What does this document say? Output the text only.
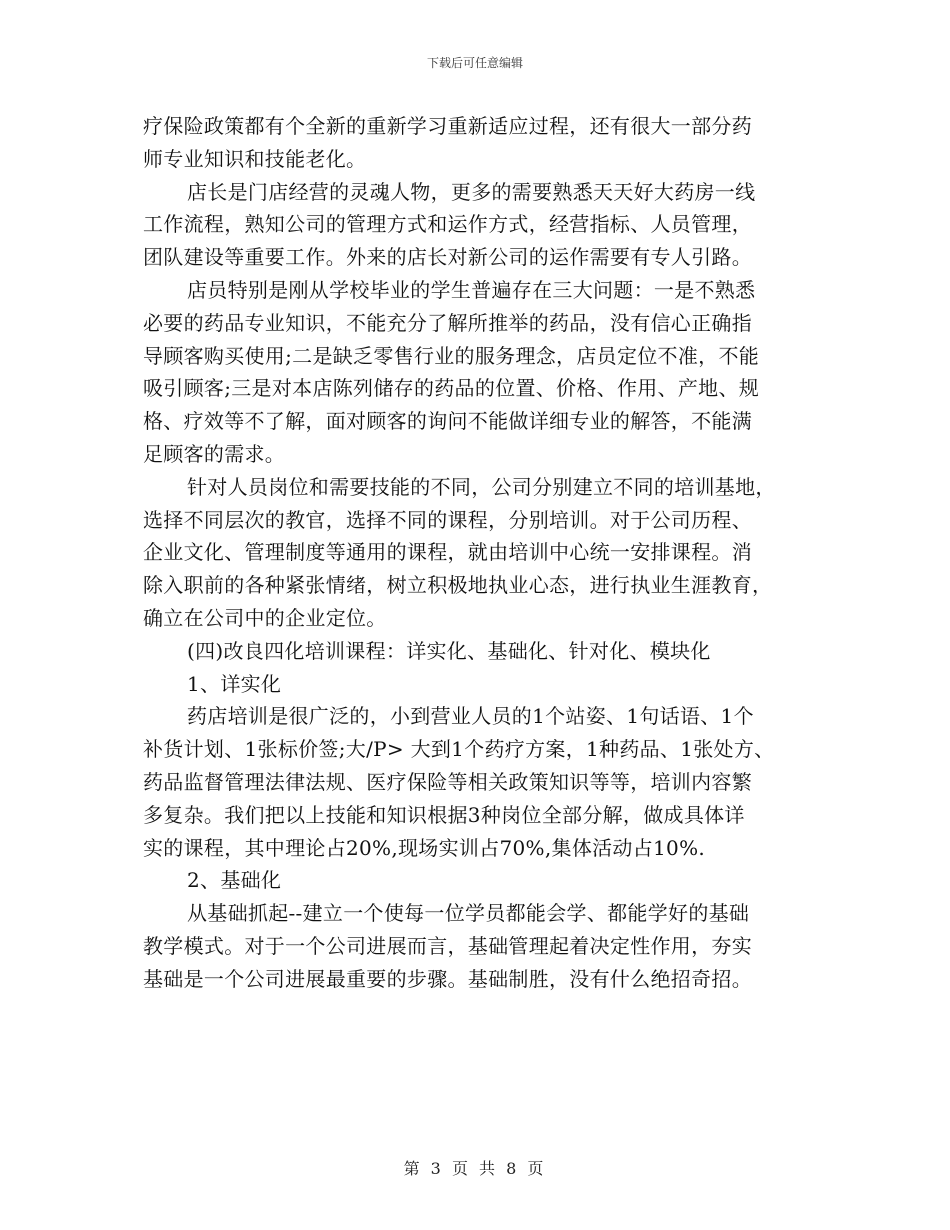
下载后可任意编辑
疗保险政策都有个全新的重新学习重新适应过程，还有很大一部分药
师专业知识和技能老化。
店长是门店经营的灵魂人物，更多的需要熟悉天天好大药房一线
工作流程，熟知公司的管理方式和运作方式，经营指标、人员管理，
团队建设等重要工作。外来的店长对新公司的运作需要有专人引路。
店员特别是刚从学校毕业的学生普遍存在三大问题：一是不熟悉
必要的药品专业知识，不能充分了解所推举的药品，没有信心正确指
导顾客购买使用;二是缺乏零售行业的服务理念，店员定位不准，不能
吸引顾客;三是对本店陈列储存的药品的位置、价格、作用、产地、规
格、疗效等不了解，面对顾客的询问不能做详细专业的解答，不能满
足顾客的需求。
针对人员岗位和需要技能的不同，公司分别建立不同的培训基地，
选择不同层次的教官，选择不同的课程，分别培训。对于公司历程、
企业文化、管理制度等通用的课程，就由培训中心统一安排课程。消
除入职前的各种紧张情绪，树立积极地执业心态，进行执业生涯教育，
确立在公司中的企业定位。
(四)改良四化培训课程：详实化、基础化、针对化、模块化
1、详实化
药店培训是很广泛的，小到营业人员的1个站姿、1句话语、1个
补货计划、1张标价签;大/P> 大到1个药疗方案，1种药品、1张处方、
药品监督管理法律法规、医疗保险等相关政策知识等等，培训内容繁
多复杂。我们把以上技能和知识根据3种岗位全部分解，做成具体详
实的课程，其中理论占20%,现场实训占70%,集体活动占10%.
2、基础化
从基础抓起--建立一个使每一位学员都能会学、都能学好的基础
教学模式。对于一个公司进展而言，基础管理起着决定性作用，夯实
基础是一个公司进展最重要的步骤。基础制胜，没有什么绝招奇招。
第 3 页 共 8 页
